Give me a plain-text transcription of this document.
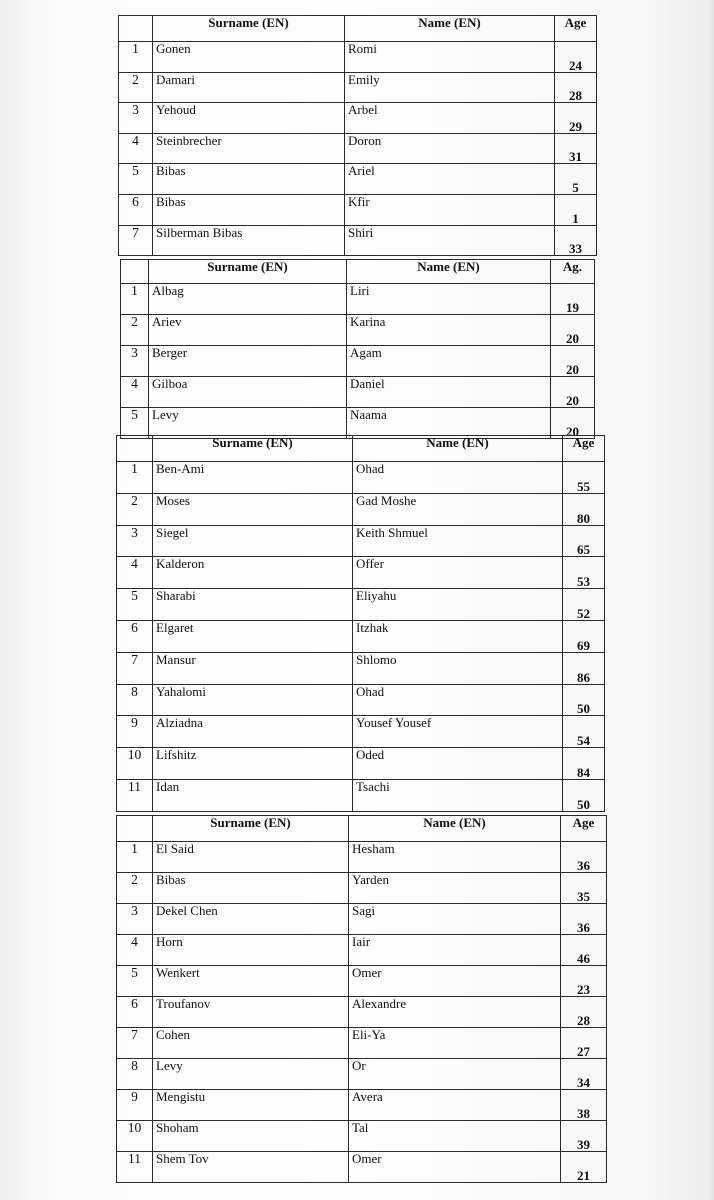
	Surname (EN)	Name (EN)	Age
1	Gonen	Romi	24
2	Damari	Emily	28
3	Yehoud	Arbel	29
4	Steinbrecher	Doron	31
5	Bibas	Ariel	5
6	Bibas	Kfir	1
7	Silberman Bibas	Shiri	33
	Surname (EN)	Name (EN)	Ag.
1	Albag	Liri	19
2	Ariev	Karina	20
3	Berger	Agam	20
4	Gilboa	Daniel	20
5	Levy	Naama	20
	Surname (EN)	Name (EN)	Age
1	Ben-Ami	Ohad	55
2	Moses	Gad Moshe	80
3	Siegel	Keith Shmuel	65
4	Kalderon	Offer	53
5	Sharabi	Eliyahu	52
6	Elgaret	Itzhak	69
7	Mansur	Shlomo	86
8	Yahalomi	Ohad	50
9	Alziadna	Yousef Yousef	54
10	Lifshitz	Oded	84
11	Idan	Tsachi	50
	Surname (EN)	Name (EN)	Age
1	El Said	Hesham	36
2	Bibas	Yarden	35
3	Dekel Chen	Sagi	36
4	Horn	Iair	46
5	Wenkert	Omer	23
6	Troufanov	Alexandre	28
7	Cohen	Eli-Ya	27
8	Levy	Or	34
9	Mengistu	Avera	38
10	Shoham	Tal	39
11	Shem Tov	Omer	21
